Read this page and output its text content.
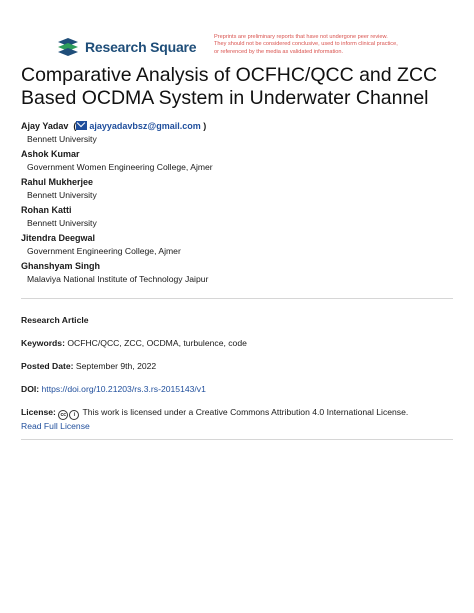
Research Square
Preprints are preliminary reports that have not undergone peer review.
They should not be considered conclusive, used to inform clinical practice,
or referenced by the media as validated information.
Comparative Analysis of OCFHC/QCC and ZCC
Based OCDMA System in Underwater Channel
Ajay Yadav  ( ajayyadavbsz@gmail.com )
Bennett University
Ashok Kumar
Government Women Engineering College, Ajmer
Rahul Mukherjee
Bennett University
Rohan Katti
Bennett University
Jitendra Deegwal
Government Engineering College, Ajmer
Ghanshyam Singh
Malaviya National Institute of Technology Jaipur
Research Article
Keywords: OCFHC/QCC, ZCC, OCDMA, turbulence, code
Posted Date: September 9th, 2022
DOI: https://doi.org/10.21203/rs.3.rs-2015143/v1
License: cc i This work is licensed under a Creative Commons Attribution 4.0 International License.
Read Full License
